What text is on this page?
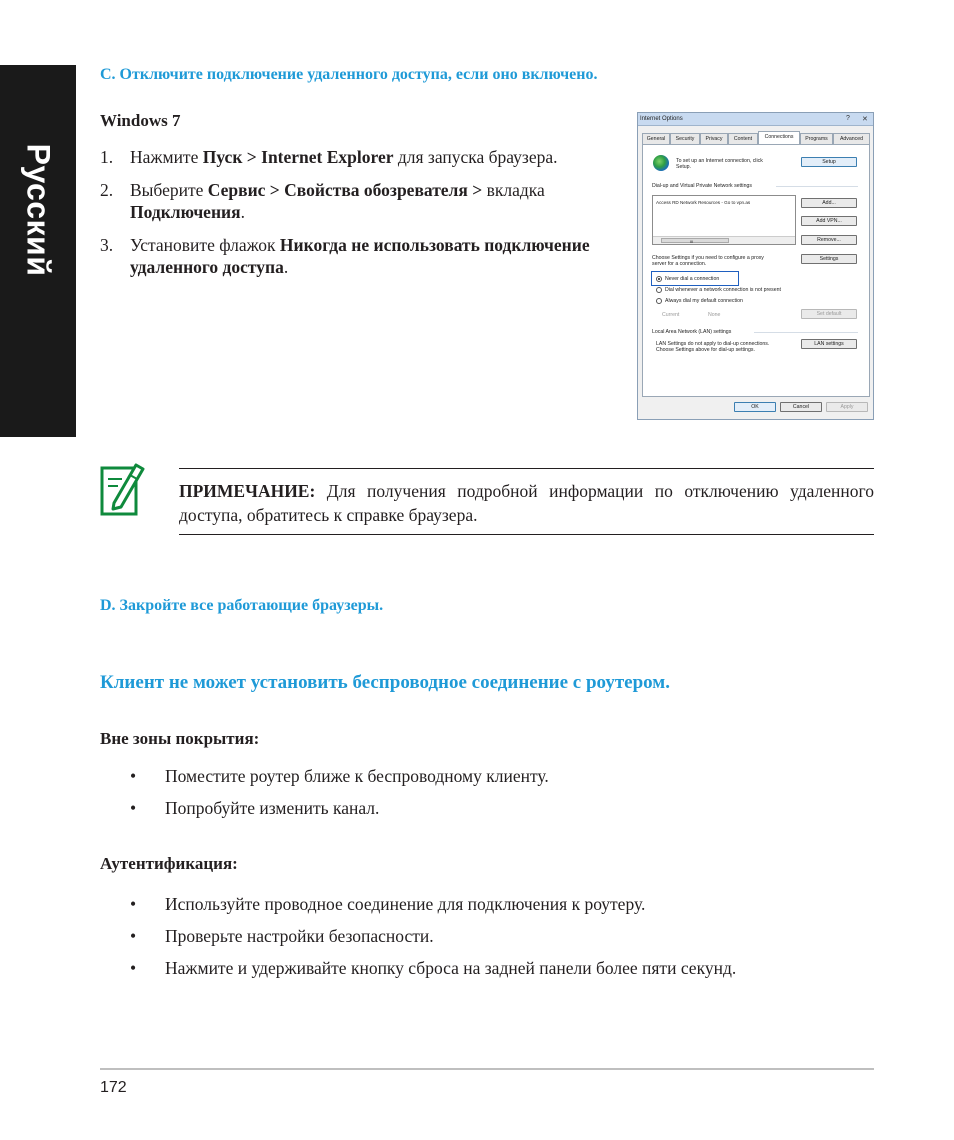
Русский
C. Отключите подключение удаленного доступа, если оно включено.
Windows 7
1. Нажмите Пуск > Internet Explorer для запуска браузера.
2. Выберите Сервис > Свойства обозревателя > вкладка Подключения.
3. Установите флажок Никогда не использовать подключение удаленного доступа.
Internet Options	? ✕
General	Security	Privacy	Content	Connections	Programs	Advanced
To set up an Internet connection, click
Setup.
Setup
Dial-up and Virtual Private Network settings
Access RD Network Resources - Go to vpn.as
III
Add...
Add VPN...
Remove...
Choose Settings if you need to configure a proxy
server for a connection.
Settings
Never dial a connection
Dial whenever a network connection is not present
Always dial my default connection
Current	None	Set default
Local Area Network (LAN) settings
LAN Settings do not apply to dial-up connections.
Choose Settings above for dial-up settings.
LAN settings
OK	Cancel	Apply
ПРИМЕЧАНИЕ: Для получения подробной информации по отключению удаленного доступа, обратитесь к справке браузера.
D. Закройте все работающие браузеры.
Клиент не может установить беспроводное соединение с роутером.
Вне зоны покрытия:
• Поместите роутер ближе к беспроводному клиенту.
• Попробуйте изменить канал.
Аутентификация:
• Используйте проводное соединение для подключения к роутеру.
• Проверьте настройки безопасности.
• Нажмите и удерживайте кнопку сброса на задней панели более пяти секунд.
172
